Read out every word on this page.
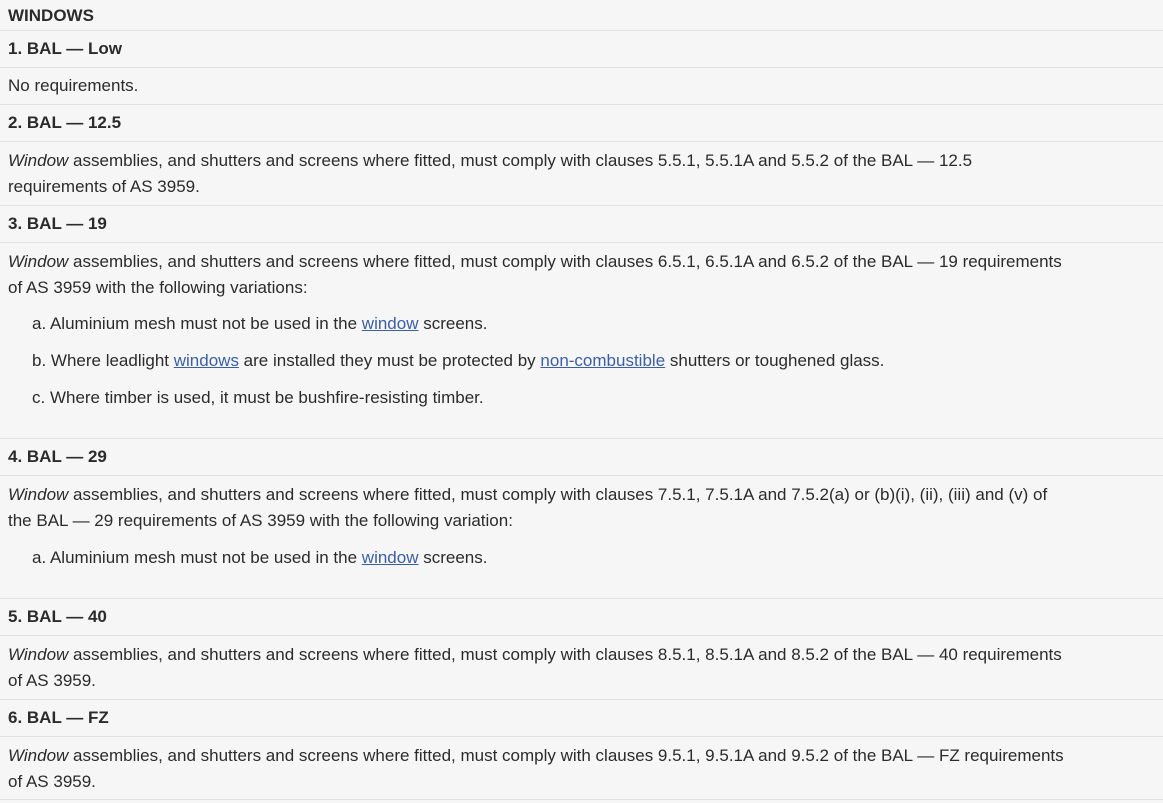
WINDOWS
1. BAL — Low
No requirements.
2. BAL — 12.5
Window assemblies, and shutters and screens where fitted, must comply with clauses 5.5.1, 5.5.1A and 5.5.2 of the BAL — 12.5
requirements of AS 3959.
3. BAL — 19
Window assemblies, and shutters and screens where fitted, must comply with clauses 6.5.1, 6.5.1A and 6.5.2 of the BAL — 19 requirements
of AS 3959 with the following variations:
a. Aluminium mesh must not be used in the window screens.
b. Where leadlight windows are installed they must be protected by non-combustible shutters or toughened glass.
c. Where timber is used, it must be bushfire-resisting timber.
4. BAL — 29
Window assemblies, and shutters and screens where fitted, must comply with clauses 7.5.1, 7.5.1A and 7.5.2(a) or (b)(i), (ii), (iii) and (v) of
the BAL — 29 requirements of AS 3959 with the following variation:
a. Aluminium mesh must not be used in the window screens.
5. BAL — 40
Window assemblies, and shutters and screens where fitted, must comply with clauses 8.5.1, 8.5.1A and 8.5.2 of the BAL — 40 requirements
of AS 3959.
6. BAL — FZ
Window assemblies, and shutters and screens where fitted, must comply with clauses 9.5.1, 9.5.1A and 9.5.2 of the BAL — FZ requirements
of AS 3959.
